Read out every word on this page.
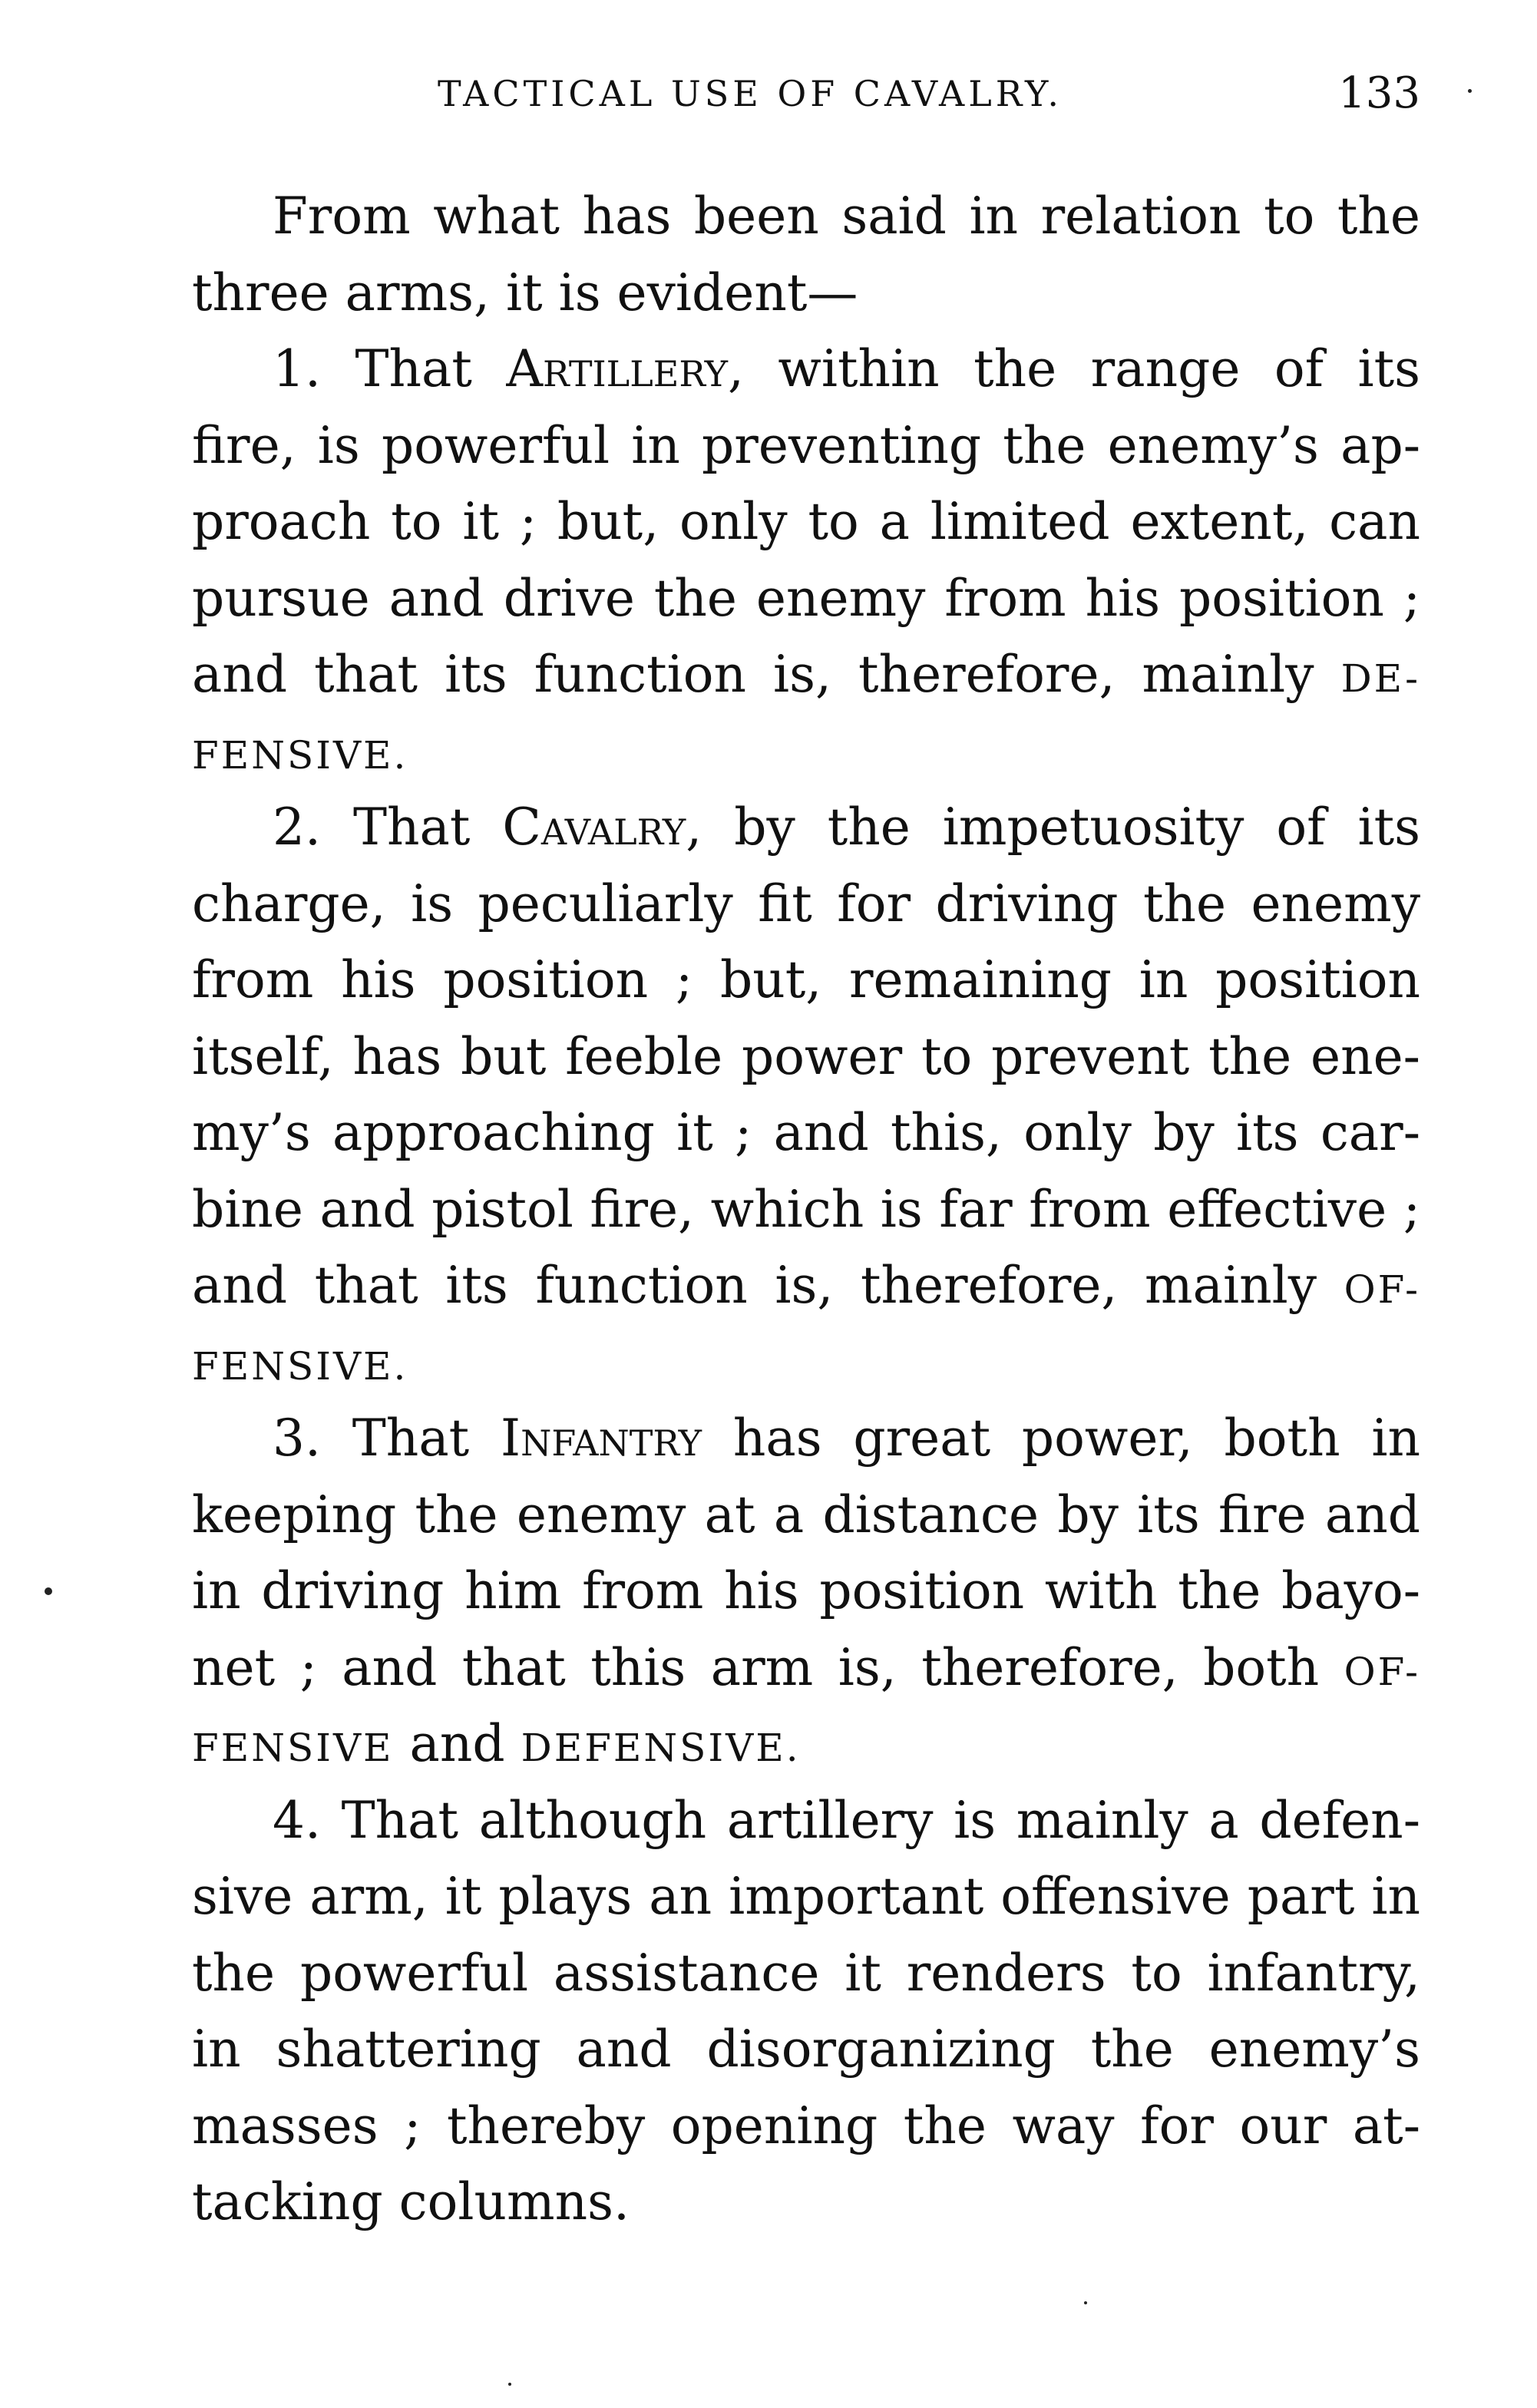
TACTICAL USE OF CAVALRY.	133
From what has been said in relation to the
three arms, it is evident—
1. That Artillery, within the range of its
fire, is powerful in preventing the enemy’s ap-
proach to it ; but, only to a limited extent, can
pursue and drive the enemy from his position ;
and that its function is, therefore, mainly DE-
FENSIVE.
2. That Cavalry, by the impetuosity of its
charge, is peculiarly fit for driving the enemy
from his position ; but, remaining in position
itself, has but feeble power to prevent the ene-
my’s approaching it ; and this, only by its car-
bine and pistol fire, which is far from effective ;
and that its function is, therefore, mainly OF-
FENSIVE.
3. That Infantry has great power, both in
keeping the enemy at a distance by its fire and
in driving him from his position with the bayo-
net ; and that this arm is, therefore, both OF-
FENSIVE and DEFENSIVE.
4. That although artillery is mainly a defen-
sive arm, it plays an important offensive part in
the powerful assistance it renders to infantry,
in shattering and disorganizing the enemy’s
masses ; thereby opening the way for our at-
tacking columns.
